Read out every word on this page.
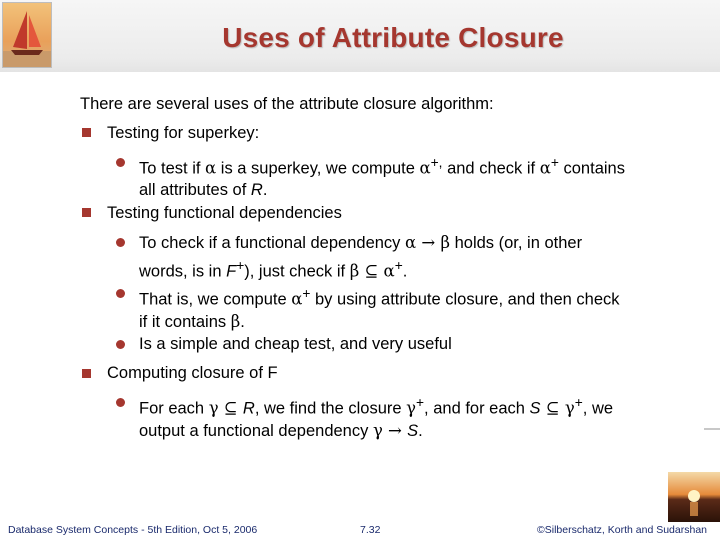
Uses of Attribute Closure
There are several uses of the attribute closure algorithm:
Testing for superkey:
To test if α is a superkey, we compute α+, and check if α+ contains
all attributes of R.
Testing functional dependencies
To check if a functional dependency α → β holds (or, in other
words, is in F+), just check if β ⊆ α+.
That is, we compute α+ by using attribute closure, and then check
if it contains β.
Is a simple and cheap test, and very useful
Computing closure of F
For each γ ⊆ R, we find the closure γ+, and for each S ⊆ γ+, we
output a functional dependency γ → S.
Database System Concepts - 5th Edition, Oct 5, 2006	7.32	©Silberschatz, Korth and Sudarshan
